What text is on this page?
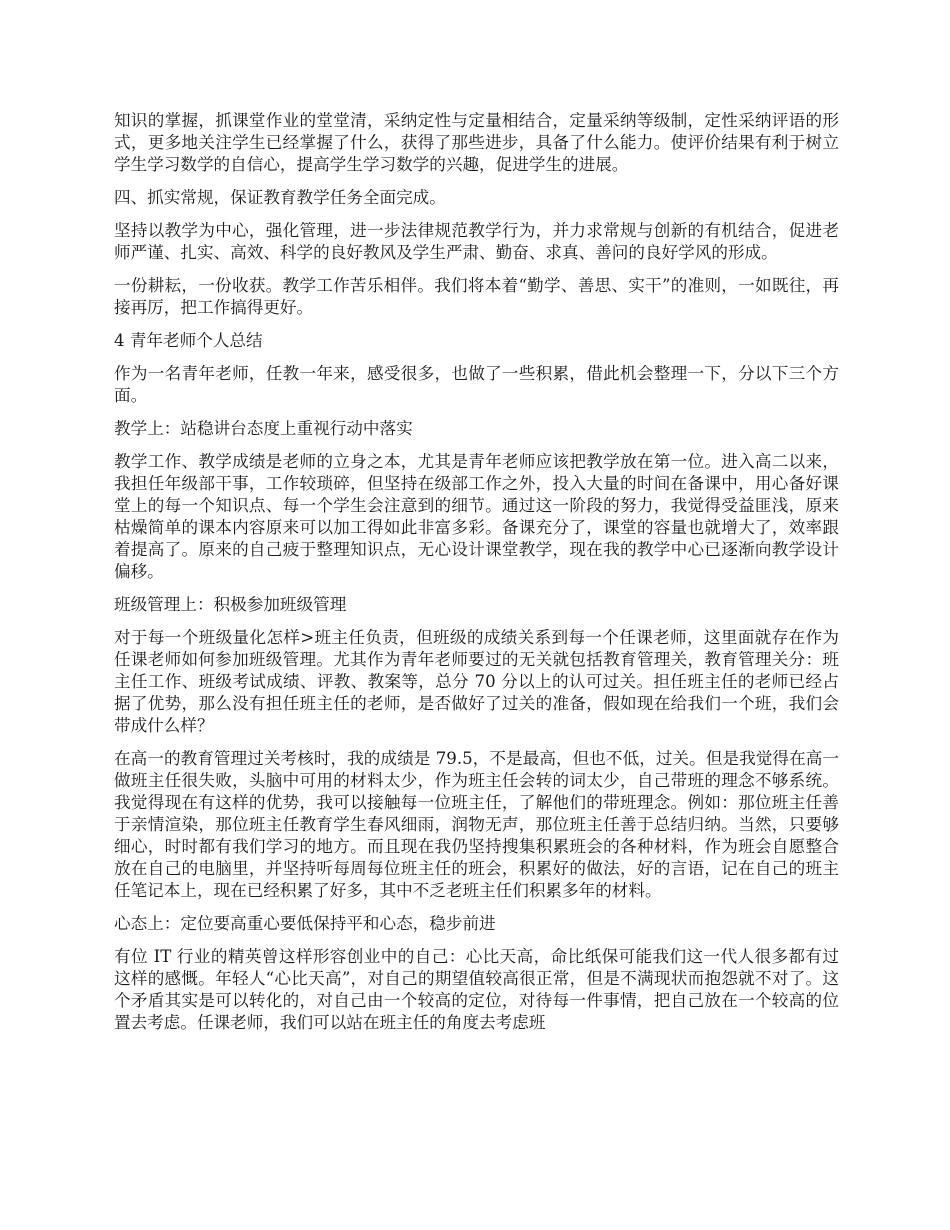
知识的掌握，抓课堂作业的堂堂清，采纳定性与定量相结合，定量采纳等级制，定性采纳评语的形式，更多地关注学生已经掌握了什么，获得了那些进步，具备了什么能力。使评价结果有利于树立学生学习数学的自信心，提高学生学习数学的兴趣，促进学生的进展。

四、抓实常规，保证教育教学任务全面完成。

坚持以教学为中心，强化管理，进一步法律规范教学行为，并力求常规与创新的有机结合，促进老师严谨、扎实、高效、科学的良好教风及学生严肃、勤奋、求真、善问的良好学风的形成。

一份耕耘，一份收获。教学工作苦乐相伴。我们将本着“勤学、善思、实干”的准则，一如既往，再接再厉，把工作搞得更好。

4 青年老师个人总结

作为一名青年老师，任教一年来，感受很多，也做了一些积累，借此机会整理一下，分以下三个方面。

教学上：站稳讲台态度上重视行动中落实

教学工作、教学成绩是老师的立身之本，尤其是青年老师应该把教学放在第一位。进入高二以来，我担任年级部干事，工作较琐碎，但坚持在级部工作之外，投入大量的时间在备课中，用心备好课堂上的每一个知识点、每一个学生会注意到的细节。通过这一阶段的努力，我觉得受益匪浅，原来枯燥简单的课本内容原来可以加工得如此非富多彩。备课充分了，课堂的容量也就增大了，效率跟着提高了。原来的自己疲于整理知识点，无心设计课堂教学，现在我的教学中心已逐渐向教学设计偏移。

班级管理上：积极参加班级管理

对于每一个班级量化怎样>班主任负责，但班级的成绩关系到每一个任课老师，这里面就存在作为任课老师如何参加班级管理。尤其作为青年老师要过的无关就包括教育管理关，教育管理关分：班主任工作、班级考试成绩、评教、教案等，总分 70 分以上的认可过关。担任班主任的老师已经占据了优势，那么没有担任班主任的老师，是否做好了过关的准备，假如现在给我们一个班，我们会带成什么样？

在高一的教育管理过关考核时，我的成绩是 79.5，不是最高，但也不低，过关。但是我觉得在高一做班主任很失败，头脑中可用的材料太少，作为班主任会转的词太少，自己带班的理念不够系统。我觉得现在有这样的优势，我可以接触每一位班主任，了解他们的带班理念。例如：那位班主任善于亲情渲染，那位班主任教育学生春风细雨，润物无声，那位班主任善于总结归纳。当然，只要够细心，时时都有我们学习的地方。而且现在我仍坚持搜集积累班会的各种材料，作为班会自愿整合放在自己的电脑里，并坚持听每周每位班主任的班会，积累好的做法，好的言语，记在自己的班主任笔记本上，现在已经积累了好多，其中不乏老班主任们积累多年的材料。

心态上：定位要高重心要低保持平和心态，稳步前进

有位 IT 行业的精英曾这样形容创业中的自己：心比天高，命比纸保可能我们这一代人很多都有过这样的感慨。年轻人“心比天高”，对自己的期望值较高很正常，但是不满现状而抱怨就不对了。这个矛盾其实是可以转化的，对自己由一个较高的定位，对待每一件事情，把自己放在一个较高的位置去考虑。任课老师，我们可以站在班主任的角度去考虑班
